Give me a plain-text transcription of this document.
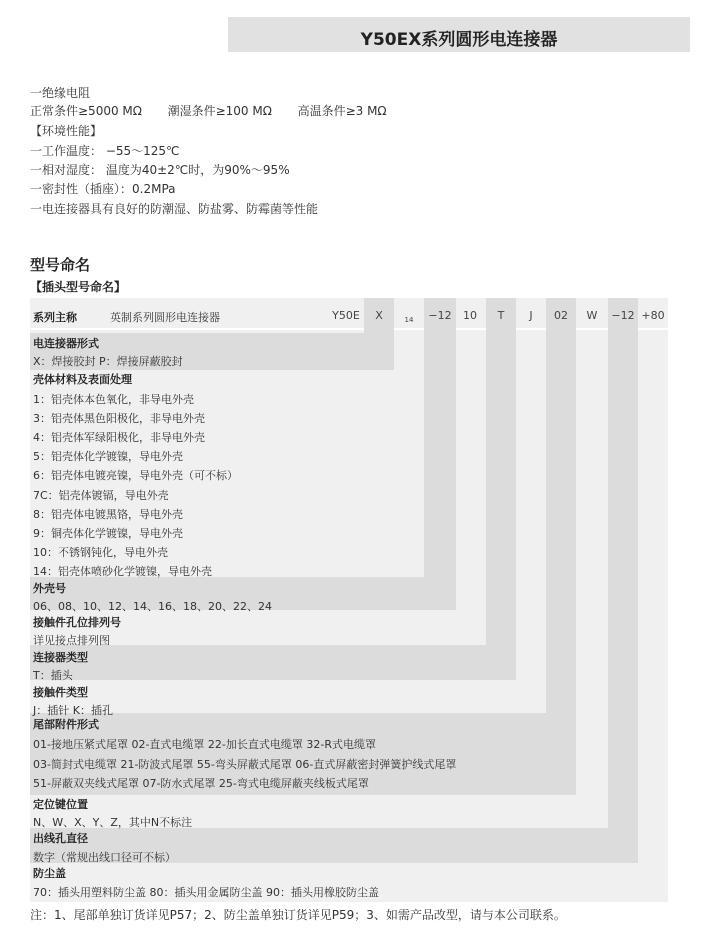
Y50EX系列圆形电连接器
一绝缘电阻
正常条件≥5000 MΩ 潮湿条件≥100 MΩ 高温条件≥3 MΩ
【环境性能】
一工作温度： −55～125℃
一相对湿度： 温度为40±2℃时，为90%～95%
一密封性（插座）：0.2MPa
一电连接器具有良好的防潮湿、防盐雾、防霉菌等性能
型号命名
【插头型号命名】
系列主称	英制系列圆形电连接器	Y50E	X	14	−12	10	T	J	02	W	−12 +80
电连接器形式
X：焊接胶封 P：焊接屏蔽胶封
壳体材料及表面处理
1：铝壳体本色氧化，非导电外壳
3：铝壳体黑色阳极化，非导电外壳
4：铝壳体军绿阳极化，非导电外壳
5：铝壳体化学镀镍，导电外壳
6：铝壳体电镀亮镍，导电外壳（可不标）
7C：铝壳体镀镉，导电外壳
8：铝壳体电镀黑铬，导电外壳
9：铜壳体化学镀镍，导电外壳
10：不锈钢钝化，导电外壳
14：铝壳体喷砂化学镀镍，导电外壳
外壳号
06、08、10、12、14、16、18、20、22、24
接触件孔位排列号
详见接点排列图
连接器类型
T：插头
接触件类型
J：插针 K：插孔
尾部附件形式
01-接地压紧式尾罩 02-直式电缆罩 22-加长直式电缆罩 32-R式电缆罩
03-简封式电缆罩 21-防波式尾罩 55-弯头屏蔽式尾罩 06-直式屏蔽密封弹簧护线式尾罩
51-屏蔽双夹线式尾罩 07-防水式尾罩 25-弯式电缆屏蔽夹线板式尾罩
定位键位置
N、W、X、Y、Z，其中N不标注
出线孔直径
数字（常规出线口径可不标）
防尘盖
70：插头用塑料防尘盖 80：插头用金属防尘盖 90：插头用橡胶防尘盖
注：1、尾部单独订货详见P57；2、防尘盖单独订货详见P59；3、如需产品改型，请与本公司联系。
